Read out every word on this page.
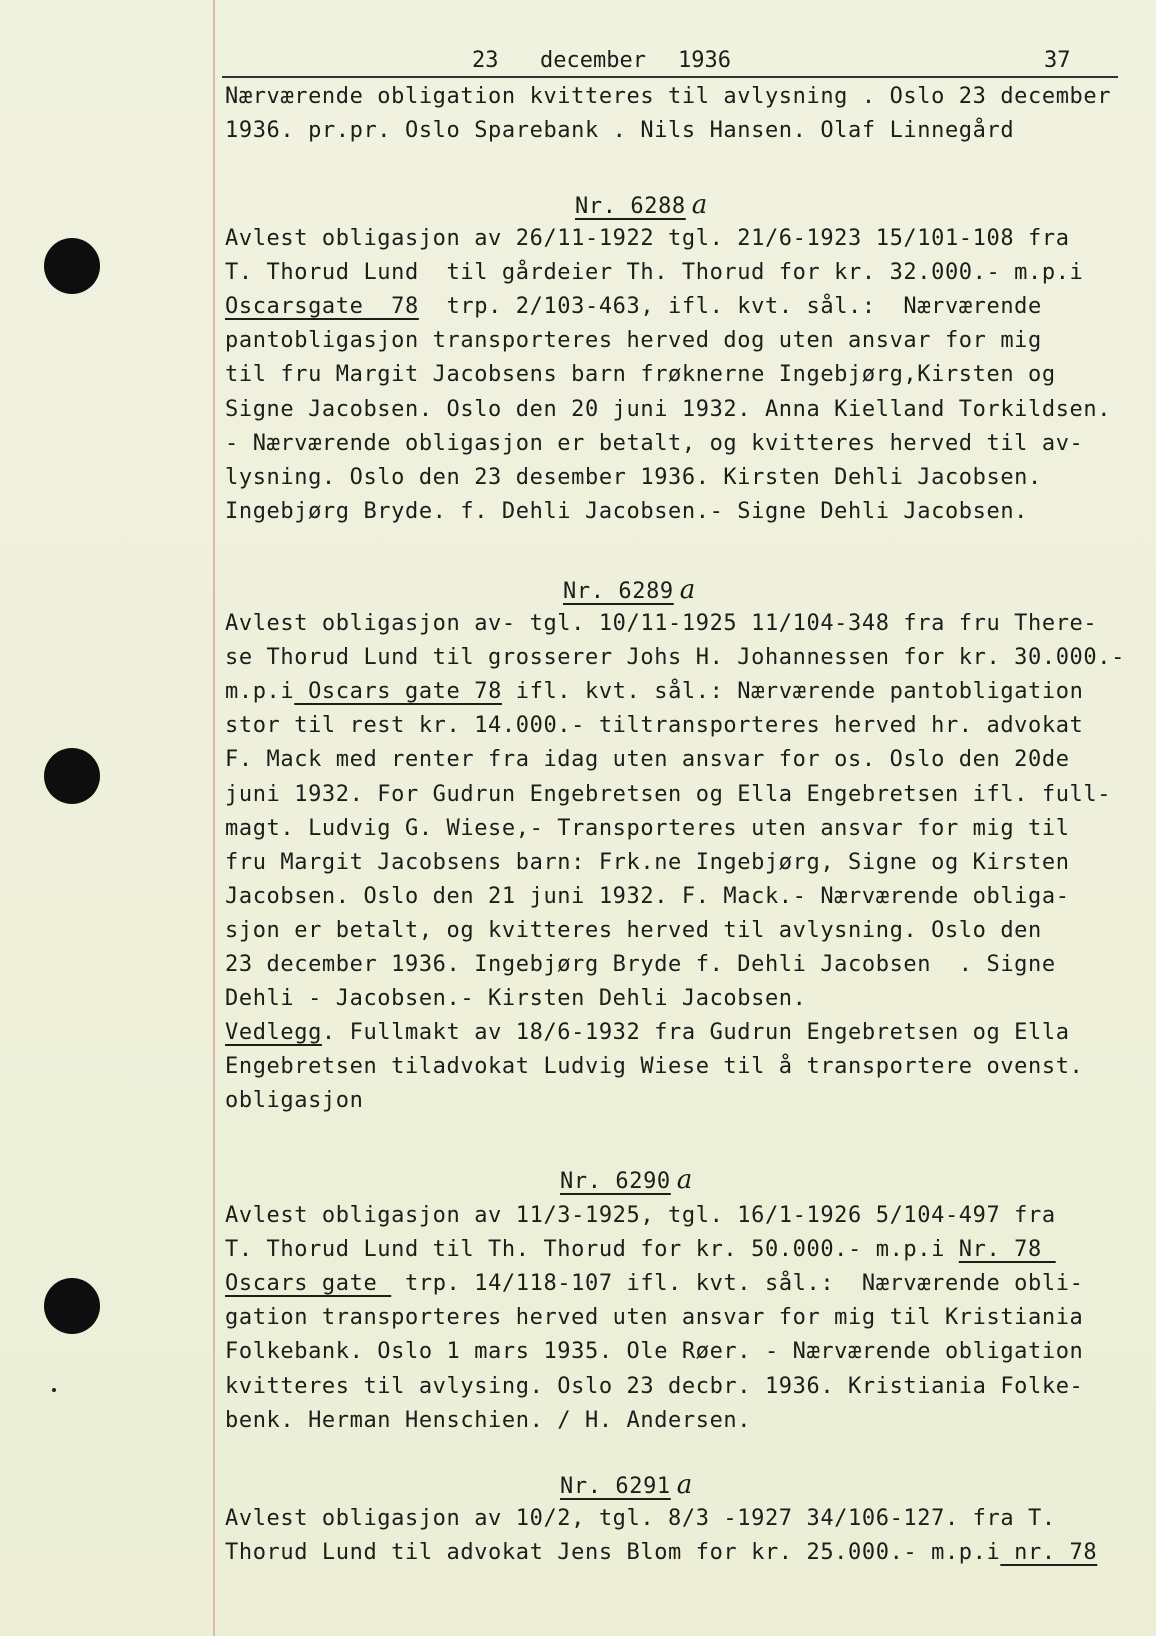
23 december 1936	37
Nærværende obligation kvitteres til avlysning . Oslo 23 december
1936. pr.pr. Oslo Sparebank . Nils Hansen. Olaf Linnegård
Nr. 6288 a
Avlest obligasjon av 26/11-1922 tgl. 21/6-1923 15/101-108 fra
T. Thorud Lund  til gårdeier Th. Thorud for kr. 32.000.- m.p.i
Oscarsgate  78  trp. 2/103-463, ifl. kvt. sål.:  Nærværende
pantobligasjon transporteres herved dog uten ansvar for mig
til fru Margit Jacobsens barn frøknerne Ingebjørg,Kirsten og
Signe Jacobsen. Oslo den 20 juni 1932. Anna Kielland Torkildsen.
- Nærværende obligasjon er betalt, og kvitteres herved til av-
lysning. Oslo den 23 desember 1936. Kirsten Dehli Jacobsen.
Ingebjørg Bryde. f. Dehli Jacobsen.- Signe Dehli Jacobsen.
Nr. 6289 a
Avlest obligasjon av- tgl. 10/11-1925 11/104-348 fra fru There-
se Thorud Lund til grosserer Johs H. Johannessen for kr. 30.000.-
m.p.i Oscars gate 78 ifl. kvt. sål.: Nærværende pantobligation
stor til rest kr. 14.000.- tiltransporteres herved hr. advokat
F. Mack med renter fra idag uten ansvar for os. Oslo den 20de
juni 1932. For Gudrun Engebretsen og Ella Engebretsen ifl. full-
magt. Ludvig G. Wiese,- Transporteres uten ansvar for mig til
fru Margit Jacobsens barn: Frk.ne Ingebjørg, Signe og Kirsten
Jacobsen. Oslo den 21 juni 1932. F. Mack.- Nærværende obliga-
sjon er betalt, og kvitteres herved til avlysning. Oslo den
23 december 1936. Ingebjørg Bryde f. Dehli Jacobsen  . Signe
Dehli - Jacobsen.- Kirsten Dehli Jacobsen.
Vedlegg. Fullmakt av 18/6-1932 fra Gudrun Engebretsen og Ella
Engebretsen tiladvokat Ludvig Wiese til å transportere ovenst.
obligasjon
Nr. 6290 a
Avlest obligasjon av 11/3-1925, tgl. 16/1-1926 5/104-497 fra
T. Thorud Lund til Th. Thorud for kr. 50.000.- m.p.i Nr. 78
Oscars gate  trp. 14/118-107 ifl. kvt. sål.:  Nærværende obli-
gation transporteres herved uten ansvar for mig til Kristiania
Folkebank. Oslo 1 mars 1935. Ole Røer. - Nærværende obligation
kvitteres til avlysing. Oslo 23 decbr. 1936. Kristiania Folke-
benk. Herman Henschien. / H. Andersen.
Nr. 6291 a
Avlest obligasjon av 10/2, tgl. 8/3 -1927 34/106-127. fra T.
Thorud Lund til advokat Jens Blom for kr. 25.000.- m.p.i nr. 78
